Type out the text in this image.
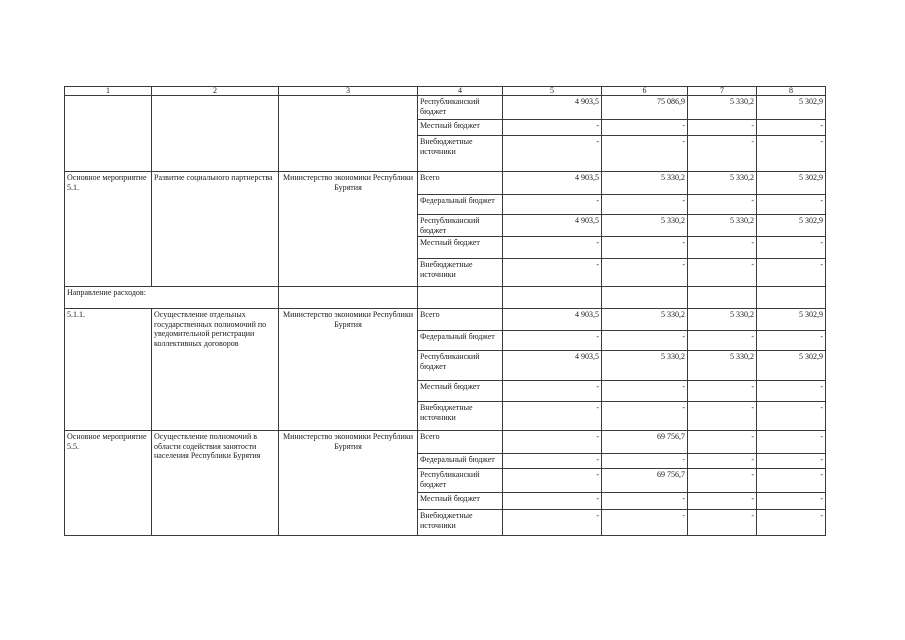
1	2	3	4	5	6	7	8
			Республиканский бюджет	4 903,5	75 086,9	5 330,2	5 302,9
			Местный бюджет	-	-	-	-
			Внебюджетные источники	-	-	-	-
Основное мероприятие 5.1.	Развитие социального партнерства	Министерство экономики Республики Бурятия	Всего	4 903,5	5 330,2	5 330,2	5 302,9
			Федеральный бюджет	-	-	-	-
			Республиканский бюджет	4 903,5	5 330,2	5 330,2	5 302,9
			Местный бюджет	-	-	-	-
			Внебюджетные источники	-	-	-	-
Направление расходов:							
5.1.1.	Осуществление отдельных государственных полномочий по уведомительной регистрации коллективных договоров	Министерство экономики Республики Бурятия	Всего	4 903,5	5 330,2	5 330,2	5 302,9
			Федеральный бюджет	-	-	-	-
			Республиканский бюджет	4 903,5	5 330,2	5 330,2	5 302,9
			Местный бюджет	-	-	-	-
			Внебюджетные источники	-	-	-	-
Основное мероприятие 5.5.	Осуществление полномочий в области содействия занятости населения Республики Бурятия	Министерство экономики Республики Бурятия	Всего	-	69 756,7	-	-
			Федеральный бюджет	-	-	-	-
			Республиканский бюджет	-	69 756,7	-	-
			Местный бюджет	-	-	-	-
			Внебюджетные источники	-	-	-	-
